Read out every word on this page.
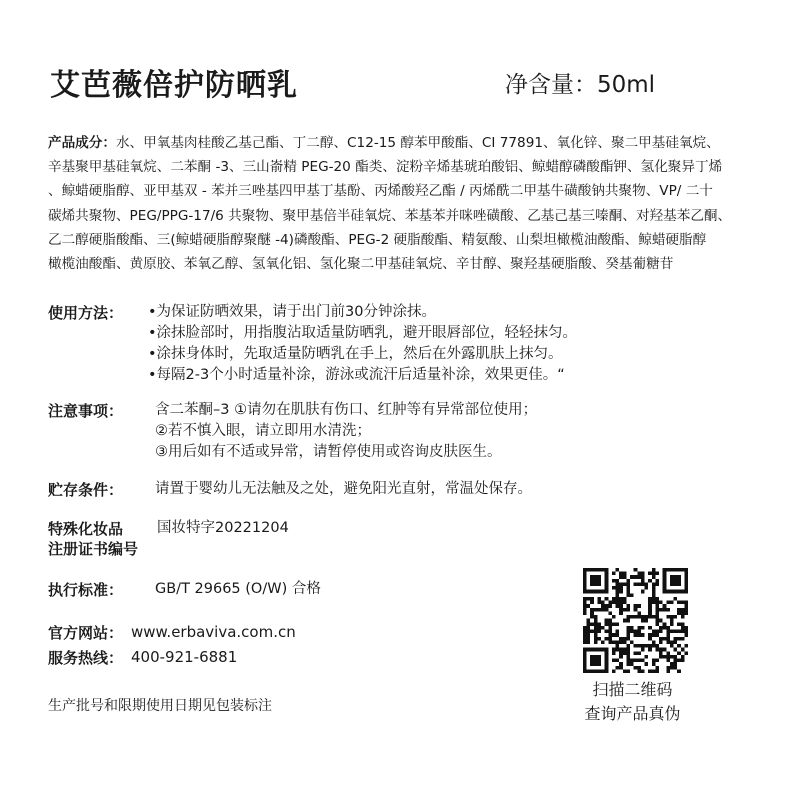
艾芭薇倍护防晒乳	净含量：50ml
产品成分：水、甲氧基肉桂酸乙基己酯、丁二醇、C12-15 醇苯甲酸酯、CI 77891、氧化锌、聚二甲基硅氧烷、
辛基聚甲基硅氧烷、二苯酮 -3、三山嵛精 PEG-20 酯类、淀粉辛烯基琥珀酸铝、鲸蜡醇磷酸酯钾、氢化聚异丁烯
、鲸蜡硬脂醇、亚甲基双 - 苯并三唑基四甲基丁基酚、丙烯酸羟乙酯 / 丙烯酰二甲基牛磺酸钠共聚物、VP/ 二十
碳烯共聚物、PEG/PPG-17/6 共聚物、聚甲基倍半硅氧烷、苯基苯并咪唑磺酸、乙基己基三嗪酮、对羟基苯乙酮、
乙二醇硬脂酸酯、三(鲸蜡硬脂醇聚醚 -4)磷酸酯、PEG-2 硬脂酸酯、精氨酸、山梨坦橄榄油酸酯、鲸蜡硬脂醇
橄榄油酸酯、黄原胶、苯氧乙醇、氢氧化铝、氢化聚二甲基硅氧烷、辛甘醇、聚羟基硬脂酸、癸基葡糖苷
使用方法： •为保证防晒效果，请于出门前30分钟涂抹。
•涂抹脸部时，用指腹沾取适量防晒乳，避开眼唇部位，轻轻抹匀。
•涂抹身体时，先取适量防晒乳在手上，然后在外露肌肤上抹匀。
•每隔2-3个小时适量补涂，游泳或流汗后适量补涂，效果更佳。“
注意事项： 含二苯酮–3 ①请勿在肌肤有伤口、红肿等有异常部位使用；
②若不慎入眼，请立即用水清洗；
③用后如有不适或异常，请暂停使用或咨询皮肤医生。
贮存条件： 请置于婴幼儿无法触及之处，避免阳光直射，常温处保存。
特殊化妆品
注册证书编号
国妆特字20221204
执行标准： GB/T 29665 (O/W) 合格
官方网站： www.erbaviva.com.cn
服务热线： 400-921-6881
生产批号和限期使用日期见包装标注
扫描二维码
查询产品真伪
